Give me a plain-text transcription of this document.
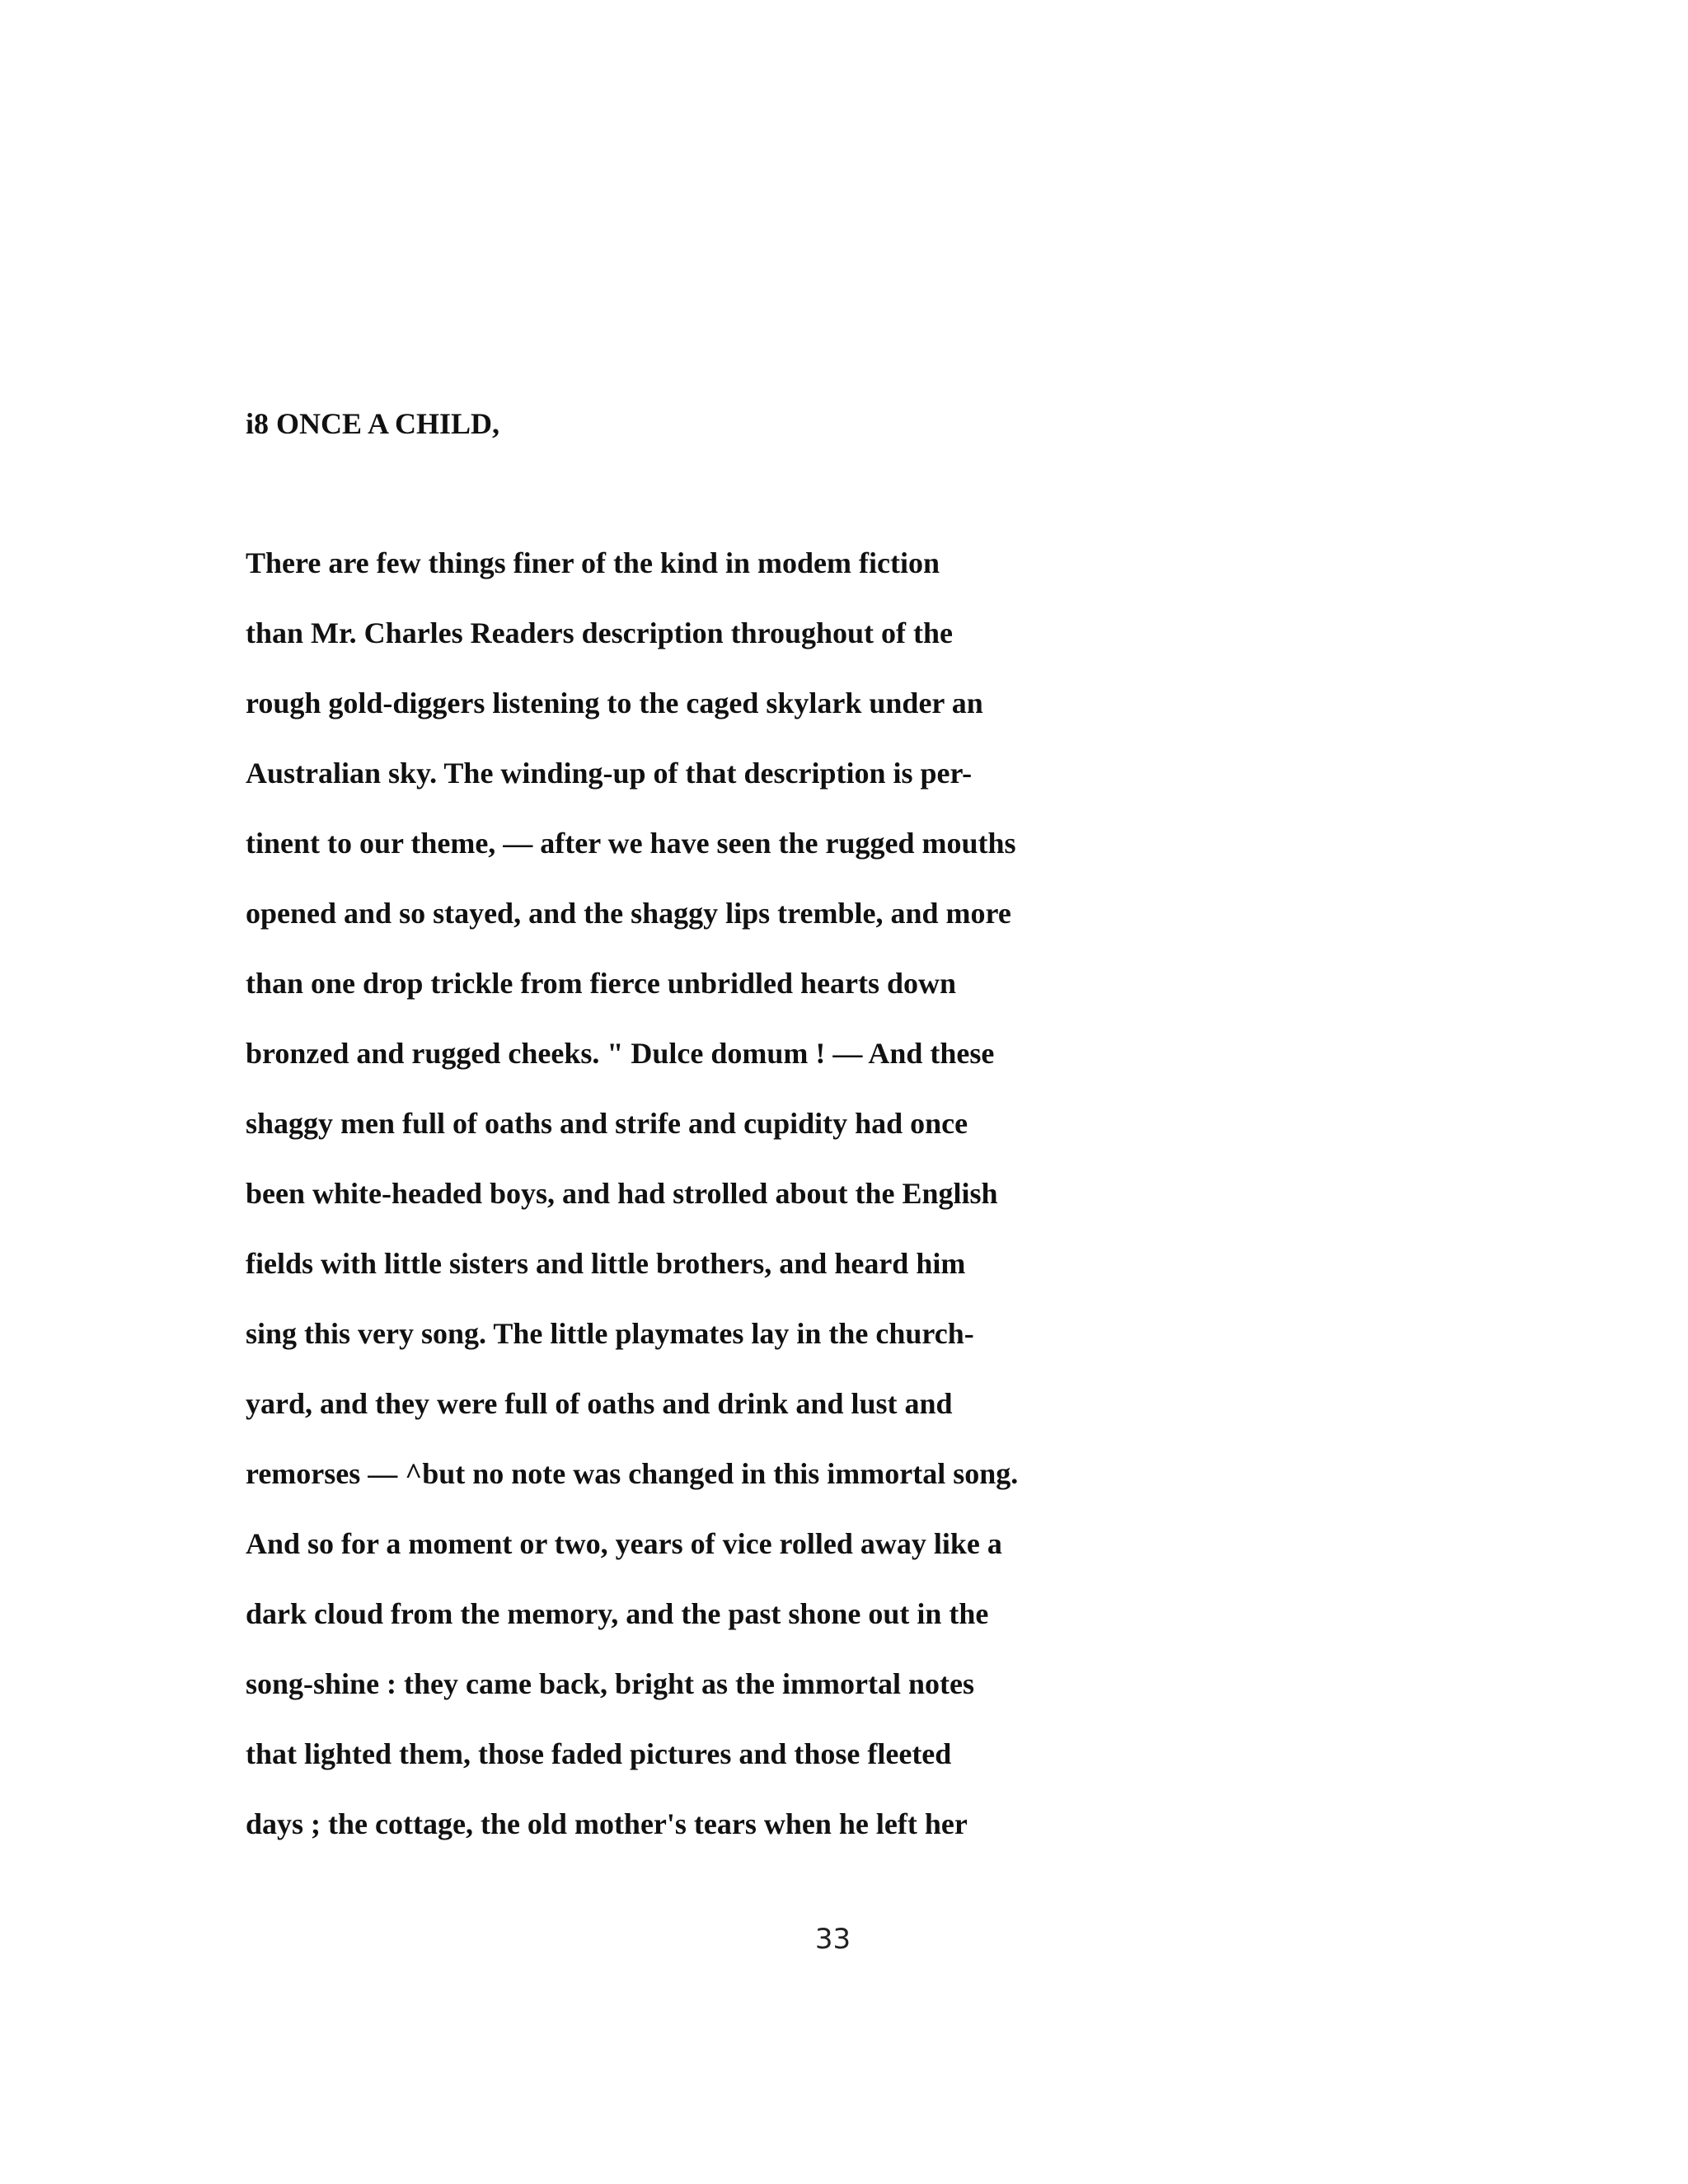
i8 ONCE A CHILD,
There are few things finer of the kind in modem fiction
than Mr. Charles Readers description throughout of the
rough gold-diggers listening to the caged skylark under an
Australian sky. The winding-up of that description is per-
tinent to our theme, — after we have seen the rugged mouths
opened and so stayed, and the shaggy lips tremble, and more
than one drop trickle from fierce unbridled hearts down
bronzed and rugged cheeks. " Dulce domum ! — And these
shaggy men full of oaths and strife and cupidity had once
been white-headed boys, and had strolled about the English
fields with little sisters and little brothers, and heard him
sing this very song. The little playmates lay in the church-
yard, and they were full of oaths and drink and lust and
remorses — ^but no note was changed in this immortal song.
And so for a moment or two, years of vice rolled away like a
dark cloud from the memory, and the past shone out in the
song-shine : they came back, bright as the immortal notes
that lighted them, those faded pictures and those fleeted
days ; the cottage, the old mother's tears when he left her
33
